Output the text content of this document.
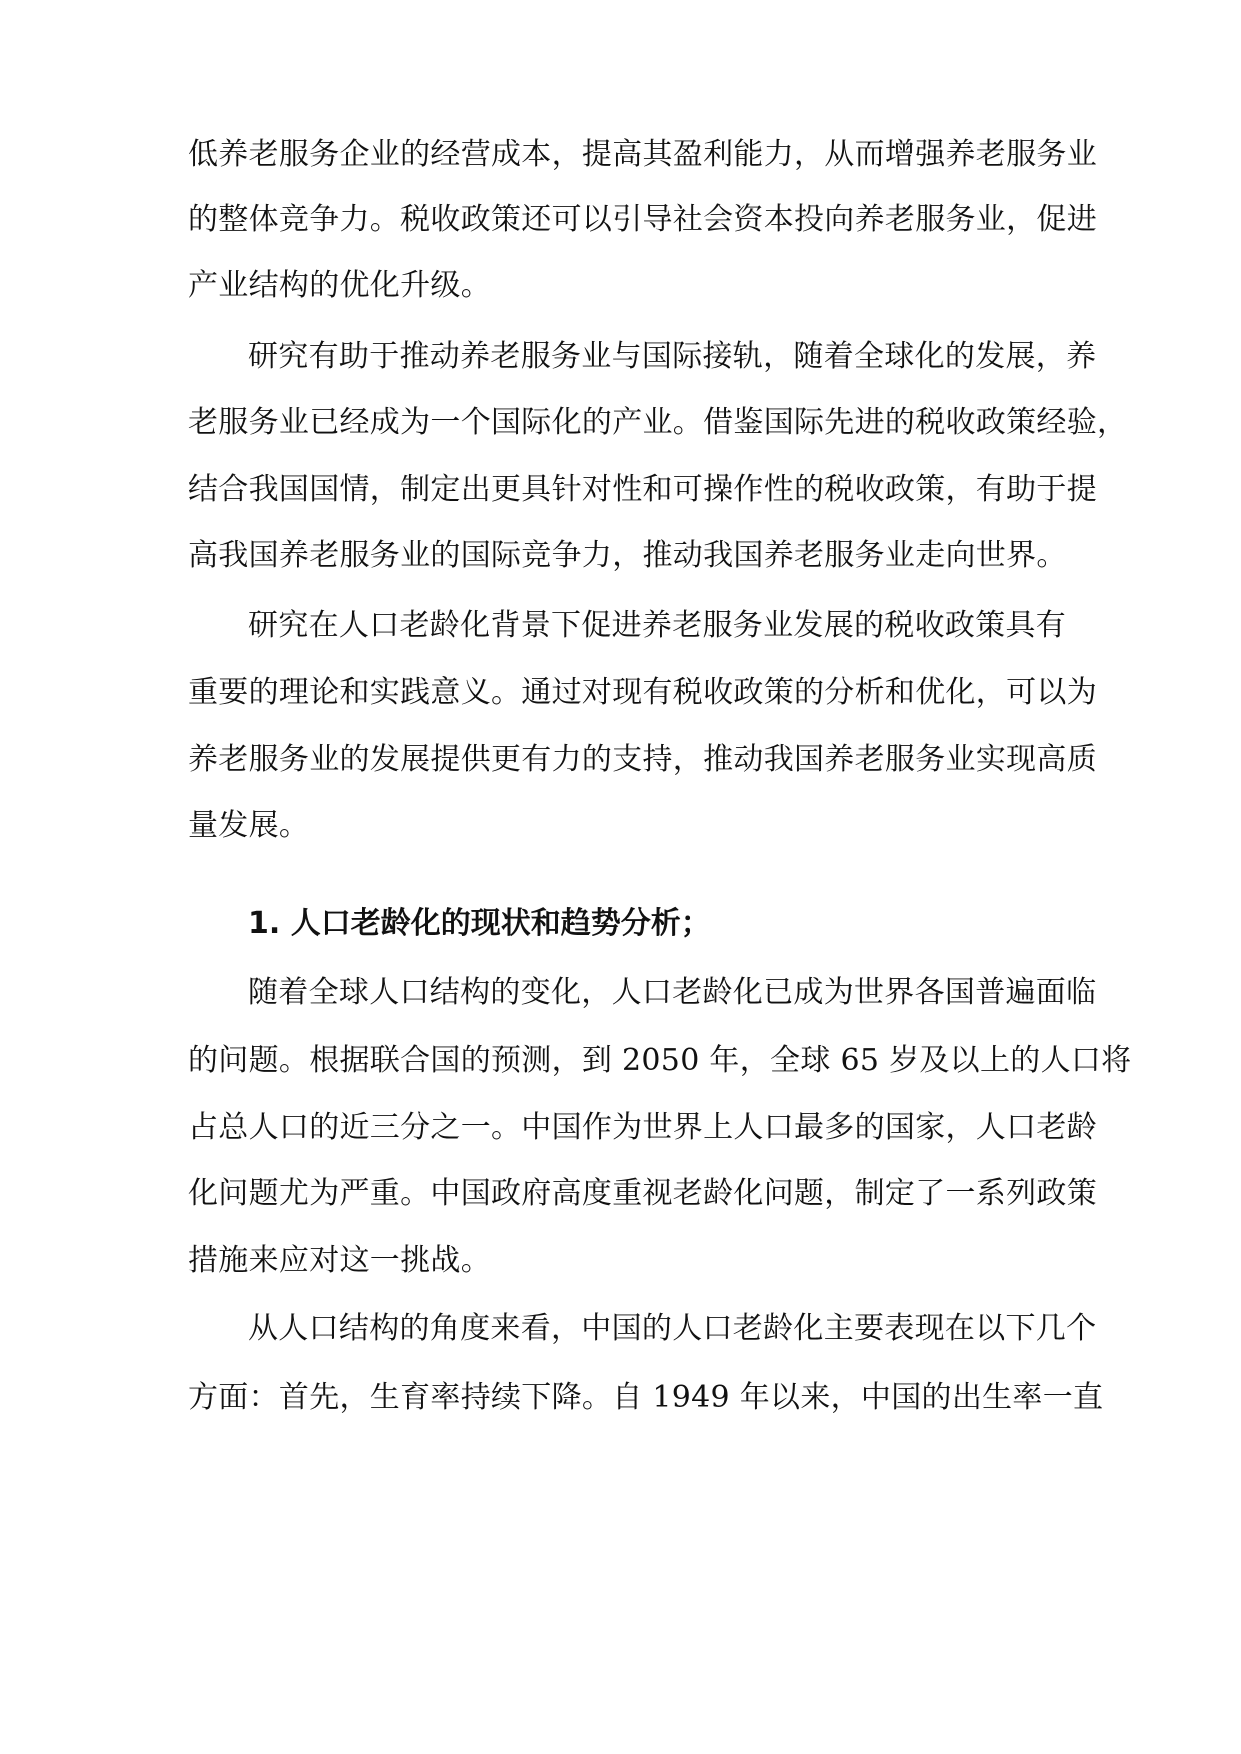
低养老服务企业的经营成本，提高其盈利能力，从而增强养老服务业
的整体竞争力。税收政策还可以引导社会资本投向养老服务业，促进
产业结构的优化升级。
研究有助于推动养老服务业与国际接轨，随着全球化的发展，养
老服务业已经成为一个国际化的产业。借鉴国际先进的税收政策经验，
结合我国国情，制定出更具针对性和可操作性的税收政策，有助于提
高我国养老服务业的国际竞争力，推动我国养老服务业走向世界。
研究在人口老龄化背景下促进养老服务业发展的税收政策具有
重要的理论和实践意义。通过对现有税收政策的分析和优化，可以为
养老服务业的发展提供更有力的支持，推动我国养老服务业实现高质
量发展。
1. 人口老龄化的现状和趋势分析；
随着全球人口结构的变化，人口老龄化已成为世界各国普遍面临
的问题。根据联合国的预测，到 2050 年，全球 65 岁及以上的人口将
占总人口的近三分之一。中国作为世界上人口最多的国家，人口老龄
化问题尤为严重。中国政府高度重视老龄化问题，制定了一系列政策
措施来应对这一挑战。
从人口结构的角度来看，中国的人口老龄化主要表现在以下几个
方面：首先，生育率持续下降。自 1949 年以来，中国的出生率一直
